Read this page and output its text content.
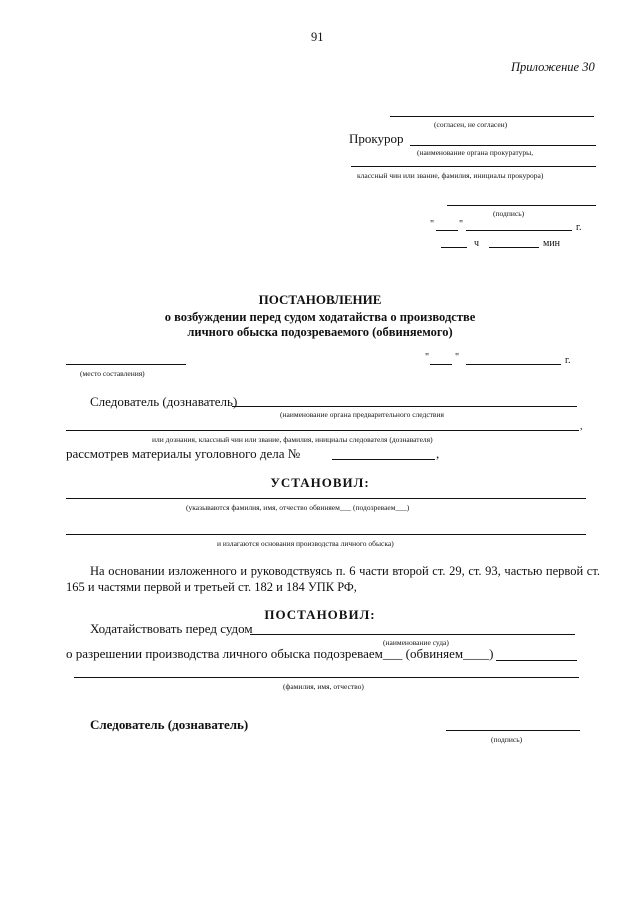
91
Приложение 30
(согласен, не согласен)
Прокурор
(наименование органа прокуратуры,
классный чин или звание, фамилия, инициалы прокурора)
(подпись)
" "	г.
ч	мин
ПОСТАНОВЛЕНИЕ
о возбуждении перед судом ходатайства о производстве
личного обыска подозреваемого (обвиняемого)
(место составления)
"	"	г.
Следователь (дознаватель)
(наименование органа предварительного следствия
,
или дознания, классный чин или звание, фамилия, инициалы следователя (дознавателя)
рассмотрев материалы уголовного дела №	,
УСТАНОВИЛ:
(указываются фамилия, имя, отчество обвиняем___ (подозреваем___)
и излагаются основания производства личного обыска)
На основании изложенного и руководствуясь п. 6 части второй ст. 29, ст. 93, частью первой ст. 165 и частями первой и третьей ст. 182 и 184 УПК РФ,
ПОСТАНОВИЛ:
Ходатайствовать перед судом
(наименование суда)
о разрешении производства личного обыска подозреваем___ (обвиняем____)
(фамилия, имя, отчество)
Следователь (дознаватель)
(подпись)
